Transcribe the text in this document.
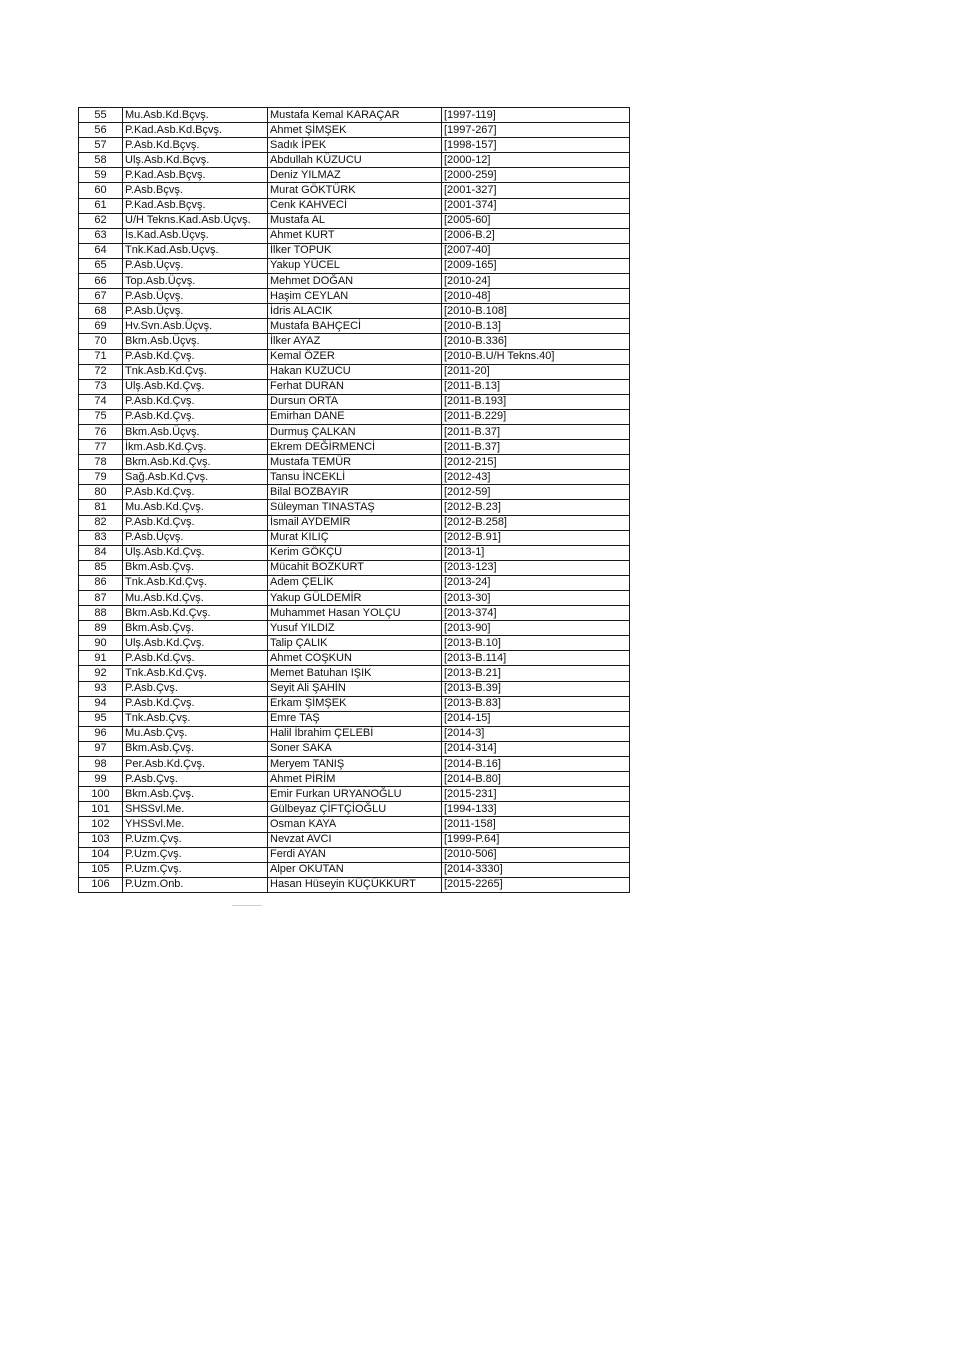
55	Mu.Asb.Kd.Bçvş.	Mustafa Kemal KARAÇAR	[1997-119]
56	P.Kad.Asb.Kd.Bçvş.	Ahmet ŞİMŞEK	[1997-267]
57	P.Asb.Kd.Bçvş.	Sadık İPEK	[1998-157]
58	Ulş.Asb.Kd.Bçvş.	Abdullah KÜZUCU	[2000-12]
59	P.Kad.Asb.Bçvş.	Deniz YILMAZ	[2000-259]
60	P.Asb.Bçvş.	Murat GÖKTÜRK	[2001-327]
61	P.Kad.Asb.Bçvş.	Cenk KAHVECİ	[2001-374]
62	U/H Tekns.Kad.Asb.Üçvş.	Mustafa AL	[2005-60]
63	İs.Kad.Asb.Üçvş.	Ahmet KURT	[2006-B.2]
64	Tnk.Kad.Asb.Üçvş.	İlker TOPUK	[2007-40]
65	P.Asb.Üçvş.	Yakup YÜCEL	[2009-165]
66	Top.Asb.Üçvş.	Mehmet DOĞAN	[2010-24]
67	P.Asb.Üçvş.	Haşim CEYLAN	[2010-48]
68	P.Asb.Üçvş.	İdris ALACIK	[2010-B.108]
69	Hv.Svn.Asb.Üçvş.	Mustafa BAHÇECİ	[2010-B.13]
70	Bkm.Asb.Üçvş.	İlker AYAZ	[2010-B.336]
71	P.Asb.Kd.Çvş.	Kemal ÖZER	[2010-B.U/H Tekns.40]
72	Tnk.Asb.Kd.Çvş.	Hakan KUZUCU	[2011-20]
73	Ulş.Asb.Kd.Çvş.	Ferhat DURAN	[2011-B.13]
74	P.Asb.Kd.Çvş.	Dursun ORTA	[2011-B.193]
75	P.Asb.Kd.Çvş.	Emirhan DANE	[2011-B.229]
76	Bkm.Asb.Üçvş.	Durmuş ÇALKAN	[2011-B.37]
77	İkm.Asb.Kd.Çvş.	Ekrem DEĞİRMENCİ	[2011-B.37]
78	Bkm.Asb.Kd.Çvş.	Mustafa TEMÜR	[2012-215]
79	Sağ.Asb.Kd.Çvş.	Tansu İNCEKLİ	[2012-43]
80	P.Asb.Kd.Çvş.	Bilal BOZBAYIR	[2012-59]
81	Mu.Asb.Kd.Çvş.	Süleyman TINASTAŞ	[2012-B.23]
82	P.Asb.Kd.Çvş.	İsmail AYDEMİR	[2012-B.258]
83	P.Asb.Üçvş.	Murat KILIÇ	[2012-B.91]
84	Ulş.Asb.Kd.Çvş.	Kerim GÖKÇÜ	[2013-1]
85	Bkm.Asb.Çvş.	Mücahit BOZKURT	[2013-123]
86	Tnk.Asb.Kd.Çvş.	Adem ÇELİK	[2013-24]
87	Mu.Asb.Kd.Çvş.	Yakup GÜLDEMİR	[2013-30]
88	Bkm.Asb.Kd.Çvş.	Muhammet Hasan YOLÇU	[2013-374]
89	Bkm.Asb.Çvş.	Yusuf YILDIZ	[2013-90]
90	Ulş.Asb.Kd.Çvş.	Talip ÇALIK	[2013-B.10]
91	P.Asb.Kd.Çvş.	Ahmet COŞKUN	[2013-B.114]
92	Tnk.Asb.Kd.Çvş.	Memet Batuhan IŞIK	[2013-B.21]
93	P.Asb.Çvş.	Seyit Ali ŞAHİN	[2013-B.39]
94	P.Asb.Kd.Çvş.	Erkam ŞİMŞEK	[2013-B.83]
95	Tnk.Asb.Çvş.	Emre TAŞ	[2014-15]
96	Mu.Asb.Çvş.	Halil İbrahim ÇELEBİ	[2014-3]
97	Bkm.Asb.Çvş.	Soner SAKA	[2014-314]
98	Per.Asb.Kd.Çvş.	Meryem TANIŞ	[2014-B.16]
99	P.Asb.Çvş.	Ahmet PİRİM	[2014-B.80]
100	Bkm.Asb.Çvş.	Emir Furkan URYANOĞLU	[2015-231]
101	SHSSvl.Me.	Gülbeyaz ÇİFTÇİOĞLU	[1994-133]
102	YHSSvl.Me.	Osman KAYA	[2011-158]
103	P.Uzm.Çvş.	Nevzat AVCI	[1999-P.64]
104	P.Uzm.Çvş.	Ferdi AYAN	[2010-506]
105	P.Uzm.Çvş.	Alper OKUTAN	[2014-3330]
106	P.Uzm.Onb.	Hasan Hüseyin KÜÇÜKKURT	[2015-2265]
